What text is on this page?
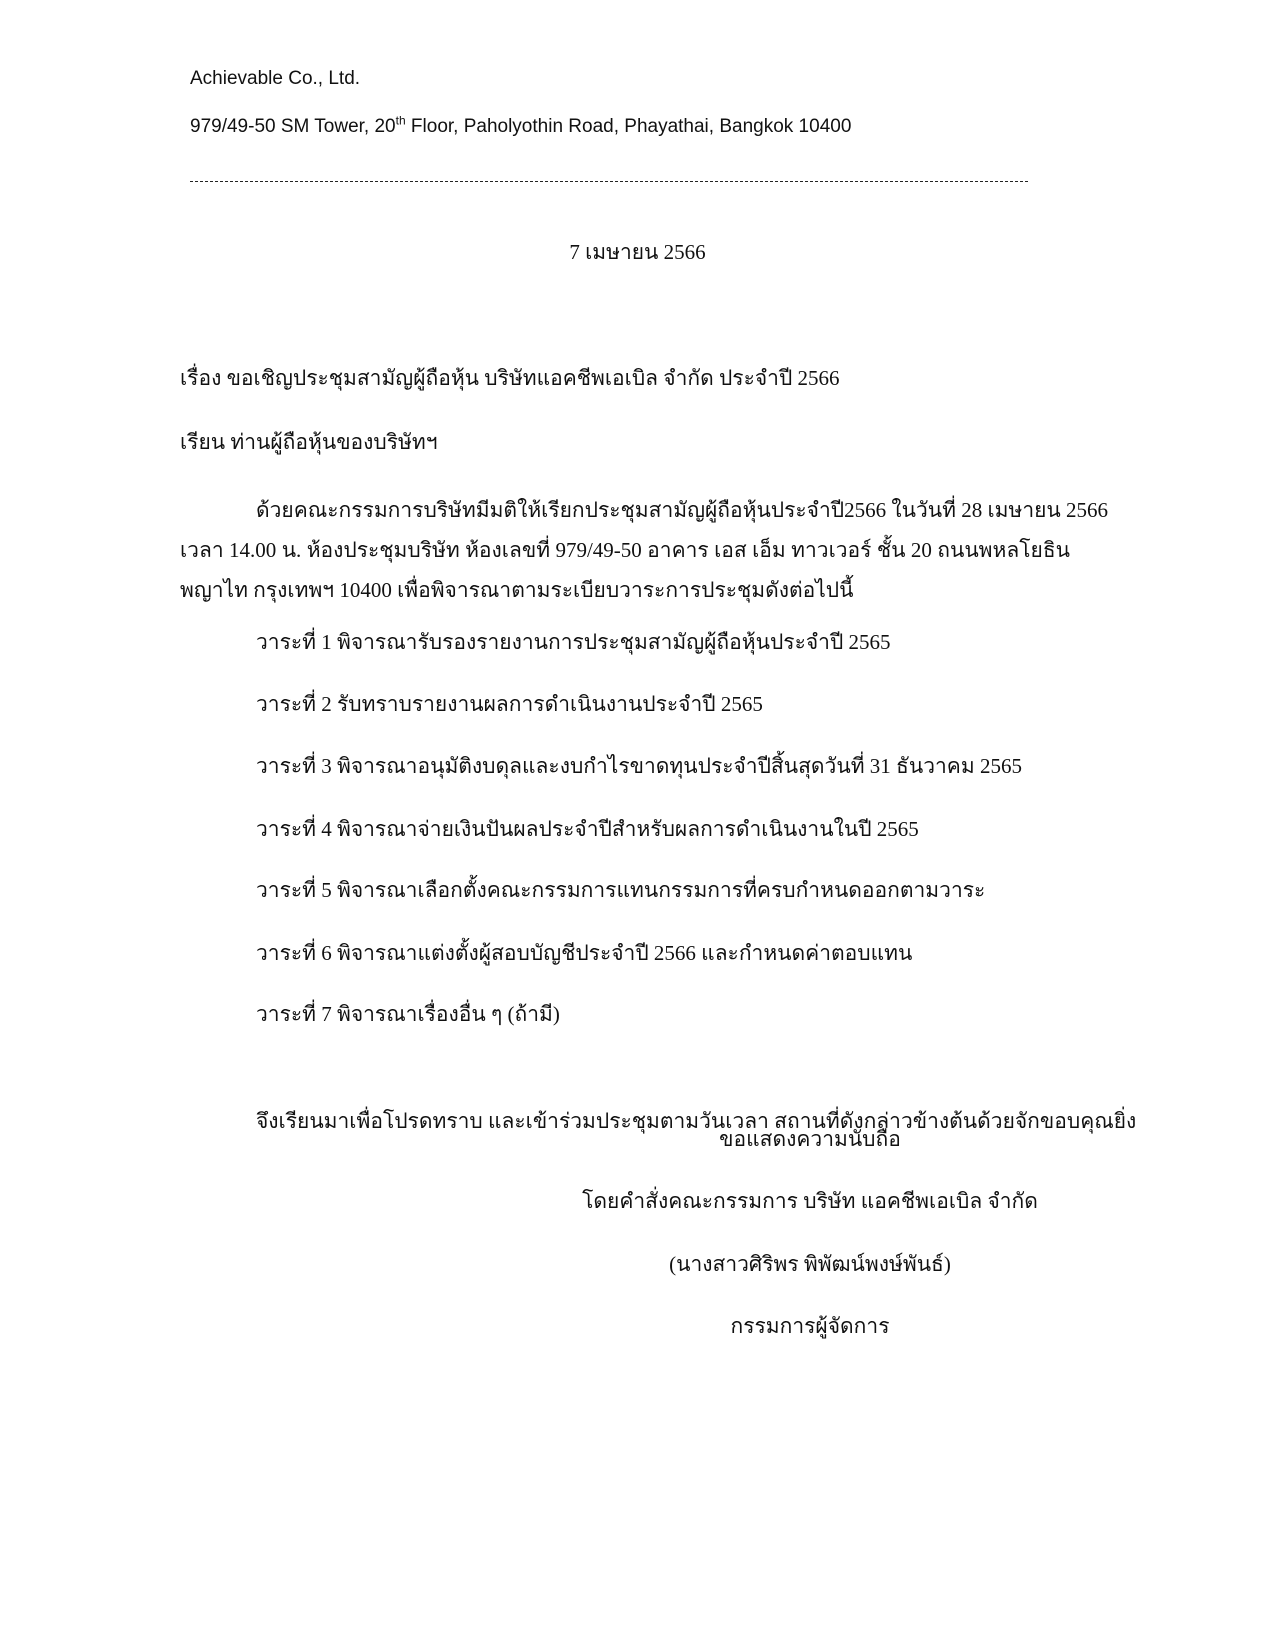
Achievable Co., Ltd.
979/49-50 SM Tower, 20th Floor, Paholyothin Road, Phayathai, Bangkok 10400
7 เมษายน 2566
เรื่อง ขอเชิญประชุมสามัญผู้ถือหุ้น บริษัทแอคชีพเอเบิล จำกัด ประจำปี 2566
เรียน ท่านผู้ถือหุ้นของบริษัทฯ
ด้วยคณะกรรมการบริษัทมีมติให้เรียกประชุมสามัญผู้ถือหุ้นประจำปี2566 ในวันที่ 28 เมษายน 2566
เวลา 14.00 น. ห้องประชุมบริษัท ห้องเลขที่ 979/49-50 อาคาร เอส เอ็ม ทาวเวอร์ ชั้น 20 ถนนพหลโยธิน
พญาไท กรุงเทพฯ 10400 เพื่อพิจารณาตามระเบียบวาระการประชุมดังต่อไปนี้
วาระที่ 1 พิจารณารับรองรายงานการประชุมสามัญผู้ถือหุ้นประจำปี 2565
วาระที่ 2 รับทราบรายงานผลการดำเนินงานประจำปี 2565
วาระที่ 3 พิจารณาอนุมัติงบดุลและงบกำไรขาดทุนประจำปีสิ้นสุดวันที่ 31 ธันวาคม 2565
วาระที่ 4 พิจารณาจ่ายเงินปันผลประจำปีสำหรับผลการดำเนินงานในปี 2565
วาระที่ 5 พิจารณาเลือกตั้งคณะกรรมการแทนกรรมการที่ครบกำหนดออกตามวาระ
วาระที่ 6 พิจารณาแต่งตั้งผู้สอบบัญชีประจำปี 2566 และกำหนดค่าตอบแทน
วาระที่ 7 พิจารณาเรื่องอื่น ๆ (ถ้ามี)
จึงเรียนมาเพื่อโปรดทราบ และเข้าร่วมประชุมตามวันเวลา สถานที่ดังกล่าวข้างต้นด้วยจักขอบคุณยิ่ง
ขอแสดงความนับถือ
โดยคำสั่งคณะกรรมการ บริษัท แอคชีพเอเบิล จำกัด
(นางสาวศิริพร พิพัฒน์พงษ์พันธ์)
กรรมการผู้จัดการ
